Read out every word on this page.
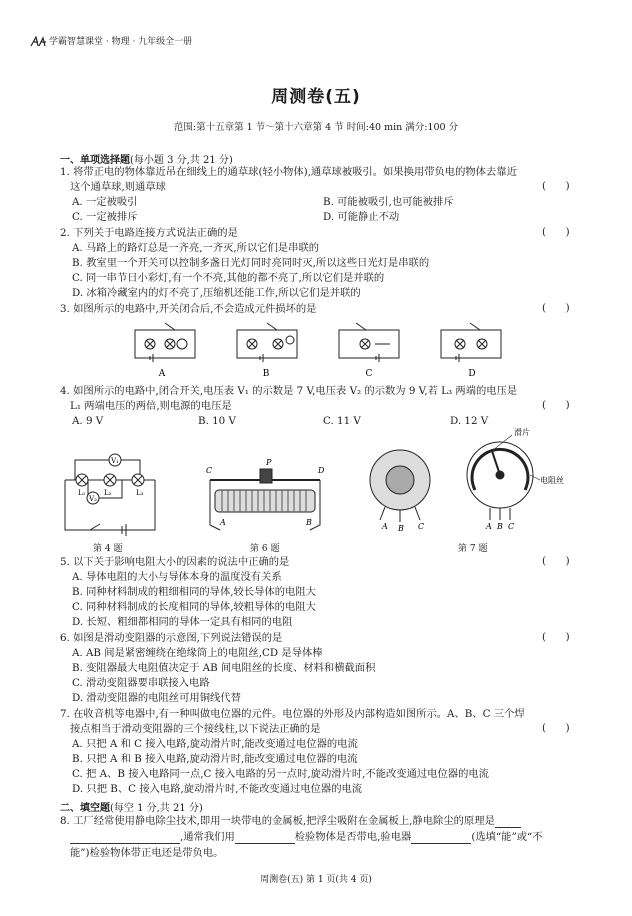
学霸智慧课堂 · 物理 · 九年级全一册
周测卷(五)
范围:第十五章第 1 节～第十六章第 4 节 时间:40 min 满分:100 分
一、单项选择题(每小题 3 分,共 21 分)
1. 将带正电的物体靠近吊在细线上的通草球(轻小物体),通草球被吸引。如果换用带负电的物体去靠近
这个通草球,则通草球	(      )
A. 一定被吸引	B. 可能被吸引,也可能被排斥
C. 一定被排斥	D. 可能静止不动
2. 下列关于电路连接方式说法正确的是	(      )
A. 马路上的路灯总是一齐亮,一齐灭,所以它们是串联的
B. 教室里一个开关可以控制多盏日光灯同时亮同时灭,所以这些日光灯是串联的
C. 同一串节日小彩灯,有一个不亮,其他的都不亮了,所以它们是并联的
D. 冰箱冷藏室内的灯不亮了,压缩机还能工作,所以它们是并联的
3. 如图所示的电路中,开关闭合后,不会造成元件损坏的是	(      )
A	B	C	D
4. 如图所示的电路中,闭合开关,电压表 V₁ 的示数是 7 V,电压表 V₂ 的示数为 9 V,若 L₃ 两端的电压是
L₁ 两端电压的两倍,则电源的电压是	(      )
A. 9 V	B. 10 V	C. 11 V	D. 12 V
V₁
V₂
L₁	L₂	L₃
P
C	D
A	B	A B C	A B C
滑片
电阻丝
第 4 题	第 6 题	第 7 题
5. 以下关于影响电阻大小的因素的说法中正确的是	(      )
A. 导体电阻的大小与导体本身的温度没有关系
B. 同种材料制成的粗细相同的导体,较长导体的电阻大
C. 同种材料制成的长度相同的导体,较粗导体的电阻大
D. 长短、粗细都相同的导体一定具有相同的电阻
6. 如图是滑动变阻器的示意图,下列说法错误的是	(      )
A. AB 间是紧密缠绕在绝缘筒上的电阻丝,CD 是导体棒
B. 变阻器最大电阻值决定于 AB 间电阻丝的长度、材料和横截面积
C. 滑动变阻器要串联接入电路
D. 滑动变阻器的电阻丝可用铜线代替
7. 在收音机等电器中,有一种叫做电位器的元件。电位器的外形及内部构造如图所示。A、B、C 三个焊
接点相当于滑动变阻器的三个接线柱,以下说法正确的是	(      )
A. 只把 A 和 C 接入电路,旋动滑片时,能改变通过电位器的电流
B. 只把 A 和 B 接入电路,旋动滑片时,能改变通过电位器的电流
C. 把 A、B 接入电路同一点,C 接入电路的另一点时,旋动滑片时,不能改变通过电位器的电流
D. 只把 B、C 接入电路,旋动滑片时,不能改变通过电位器的电流
二、填空题(每空 1 分,共 21 分)
8. 工厂经常使用静电除尘技术,即用一块带电的金属板,把浮尘吸附在金属板上,静电除尘的原理是
,通常我们用	检验物体是否带电,验电器	(选填“能”或“不
能”)检验物体带正电还是带负电。
周测卷(五) 第 1 页(共 4 页)
